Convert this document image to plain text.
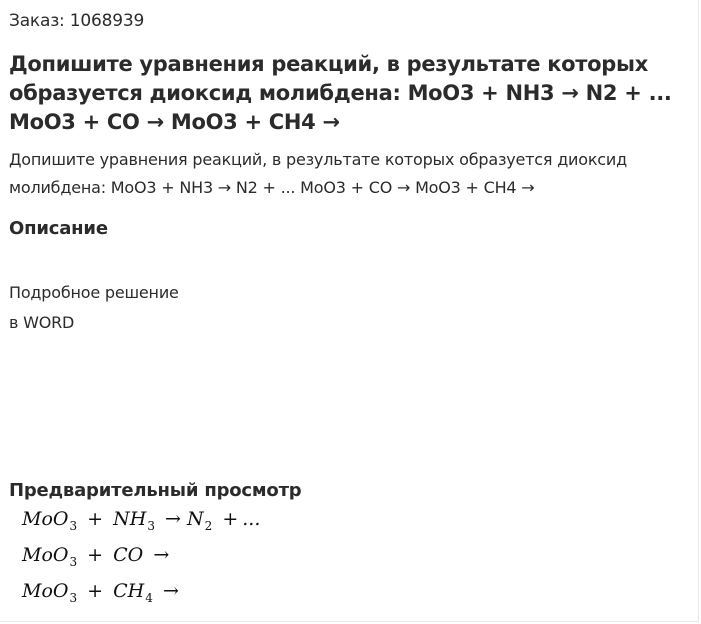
Заказ: 1068939
Допишите уравнения реакций, в результате которых образуется диоксид молибдена: MoO3 + NH3 → N2 + ... MoO3 + CO → MoO3 + CH4 →

Допишите уравнения реакций, в результате которых образуется диоксид молибдена: MoO3 + NH3 → N2 + ... MoO3 + CO → MoO3 + CH4 →

Описание

Подробное решение

в WORD

Предварительный просмотр
$MoO_3 + NH_3 \to N_2$ + ...
MoO$_3$ + CO →
$MoO_3 + CH_4$ →
